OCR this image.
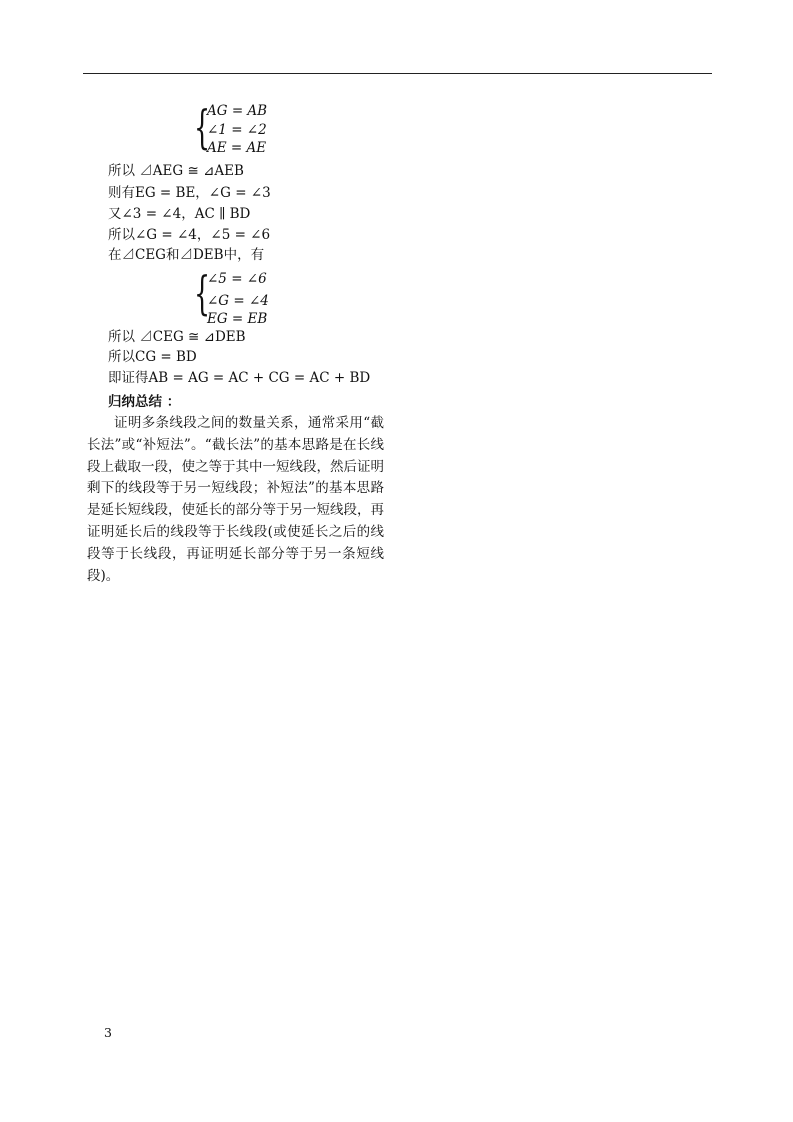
{
AG = AB
∠1 = ∠2
AE = AE
所以 ⊿AEG ≅ ⊿AEB
则有EG = BE，∠G = ∠3
又∠3 = ∠4，AC ∥ BD
所以∠G = ∠4，∠5 = ∠6
在⊿CEG和⊿DEB中，有
{
∠5 = ∠6
∠G = ∠4
EG = EB
所以 ⊿CEG ≅ ⊿DEB
所以CG = BD
即证得AB = AG = AC + CG = AC + BD
归纳总结 ：

证明多条线段之间的数量关系，通常采用“截长法”或“补短法”。“截长法”的基本思路是在长线段上截取一段，使之等于其中一短线段，然后证明剩下的线段等于另一短线段；补短法”的基本思路是延长短线段，使延长的部分等于另一短线段，再证明延长后的线段等于长线段(或使延长之后的线段等于长线段，再证明延长部分等于另一条短线段)。

3
